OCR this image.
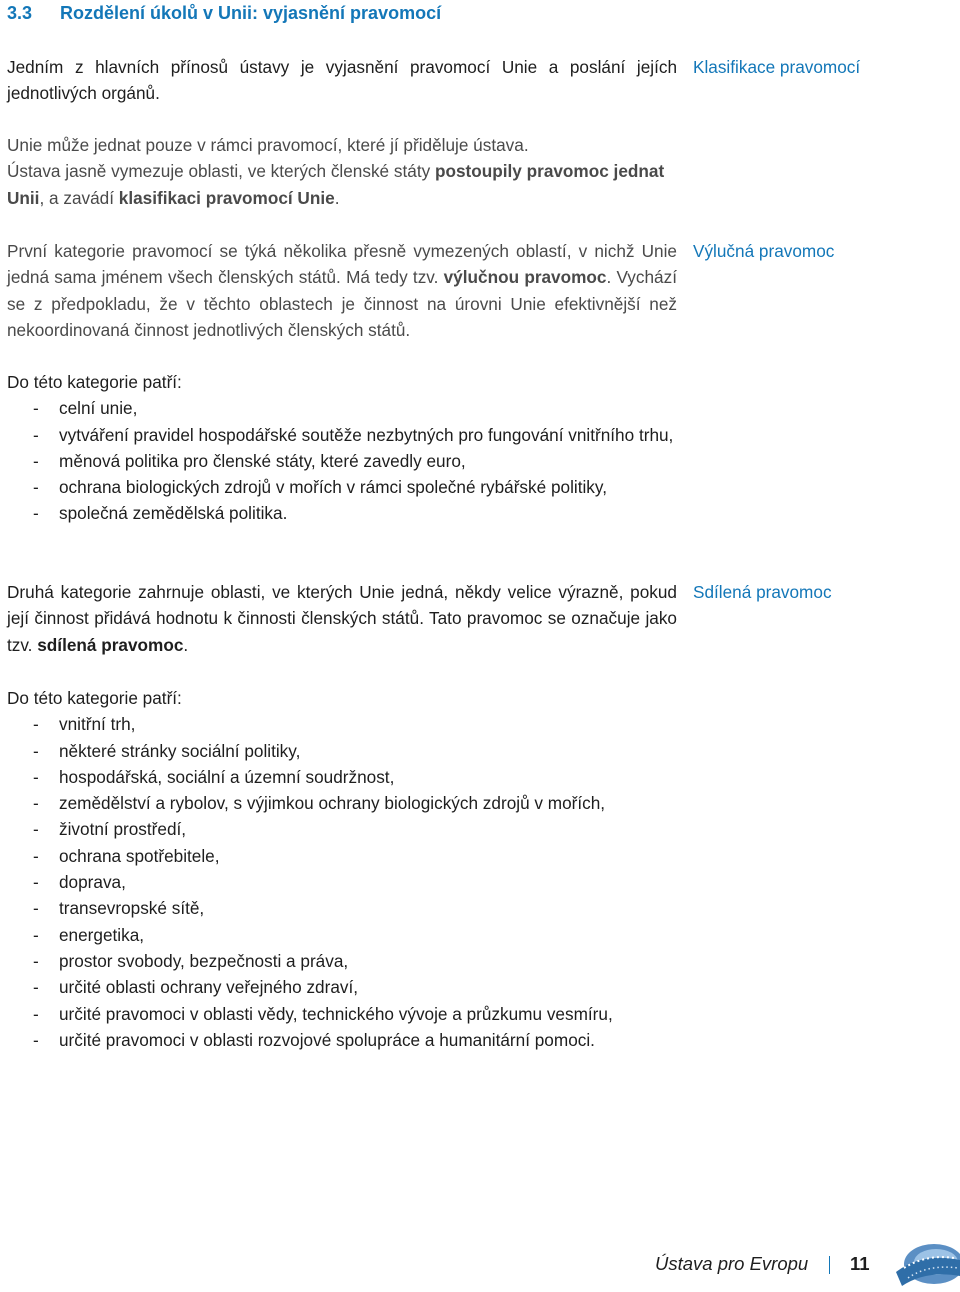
3.3 Rozdělení úkolů v Unii: vyjasnění pravomocí

Jedním z hlavních přínosů ústavy je vyjasnění pravomocí Unie a poslání jejích jednotlivých orgánů.

Klasifikace pravomocí

Unie může jednat pouze v rámci pravomocí, které jí přiděluje ústava.

Ústava jasně vymezuje oblasti, ve kterých členské státy postoupily pravomoc jednat Unii, a zavádí klasifikaci pravomocí Unie.

První kategorie pravomocí se týká několika přesně vymezených oblastí, v nichž Unie jedná sama jménem všech členských států. Má tedy tzv. výlučnou pravomoc. Vychází se z předpokladu, že v těchto oblastech je činnost na úrovni Unie efektivnější než nekoordinovaná činnost jednotlivých členských států.

Výlučná pravomoc

Do této kategorie patří:

- celní unie,
- vytváření pravidel hospodářské soutěže nezbytných pro fungování vnitřního trhu,
- měnová politika pro členské státy, které zavedly euro,
- ochrana biologických zdrojů v mořích v rámci společné rybářské politiky,
- společná zemědělská politika.

Druhá kategorie zahrnuje oblasti, ve kterých Unie jedná, někdy velice výrazně, pokud její činnost přidává hodnotu k činnosti členských států. Tato pravomoc se označuje jako tzv. sdílená pravomoc.

Sdílená pravomoc

Do této kategorie patří:

- vnitřní trh,
- některé stránky sociální politiky,
- hospodářská, sociální a územní soudržnost,
- zemědělství a rybolov, s výjimkou ochrany biologických zdrojů v mořích,
- životní prostředí,
- ochrana spotřebitele,
- doprava,
- transevropské sítě,
- energetika,
- prostor svobody, bezpečnosti a práva,
- určité oblasti ochrany veřejného zdraví,
- určité pravomoci v oblasti vědy, technického vývoje a průzkumu vesmíru,
- určité pravomoci v oblasti rozvojové spolupráce a humanitární pomoci.
Ústava pro Evropu 11
